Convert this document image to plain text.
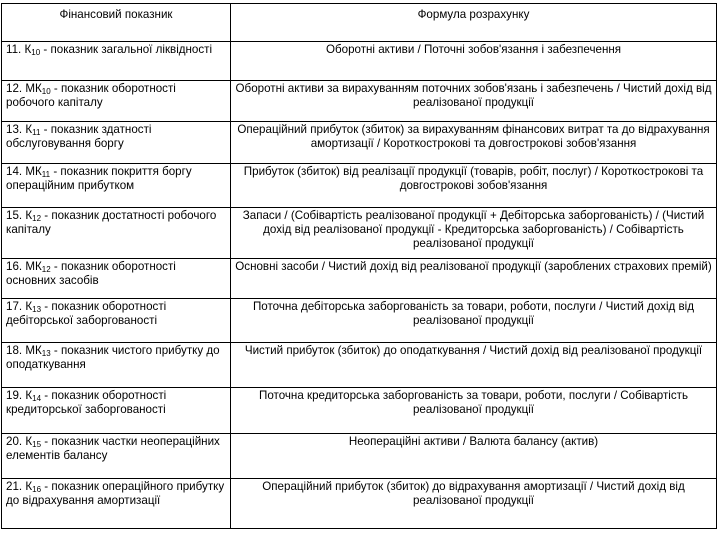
Фінансовий показник	Формула розрахунку
11. $К_{10}$ - показник загальної ліквідності	Оборотні активи / Поточні зобов'язання і забезпечення
12. $МК_{10}$ - показник оборотності робочого капіталу	Оборотні активи за вирахуванням поточних зобов'язань і забезпечень / Чистий дохід від реалізованої продукції
13. $К_{11}$ - показник здатності обслуговування боргу	Операційний прибуток (збиток) за вирахуванням фінансових витрат та до відрахування амортизації / Короткострокові та довгострокові зобов'язання
14. $МК_{11}$ - показник покриття боргу операційним прибутком	Прибуток (збиток) від реалізації продукції (товарів, робіт, послуг) / Короткострокові та довгострокові зобов'язання
15. $К_{12}$ - показник достатності робочого капіталу	Запаси / (Собівартість реалізованої продукції + Дебіторська заборгованість) / (Чистий дохід від реалізованої продукції - Кредиторська заборгованість) / Собівартість реалізованої продукції
16. $МК_{12}$ - показник оборотності основних засобів	Основні засоби / Чистий дохід від реалізованої продукції (зароблених страхових премій)
17. $К_{13}$ - показник оборотності дебіторської заборгованості	Поточна дебіторська заборгованість за товари, роботи, послуги / Чистий дохід від реалізованої продукції
18. $МК_{13}$ - показник чистого прибутку до оподаткування	Чистий прибуток (збиток) до оподаткування / Чистий дохід від реалізованої продукції
19. $К_{14}$ - показник оборотності кредиторської заборгованості	Поточна кредиторська заборгованість за товари, роботи, послуги / Собівартість реалізованої продукції
20. $К_{15}$ - показник частки неопераційних елементів балансу	Неопераційні активи / Валюта балансу (актив)
21. $К_{16}$ - показник операційного прибутку до відрахування амортизації	Операційний прибуток (збиток) до відрахування амортизації / Чистий дохід від реалізованої продукції
